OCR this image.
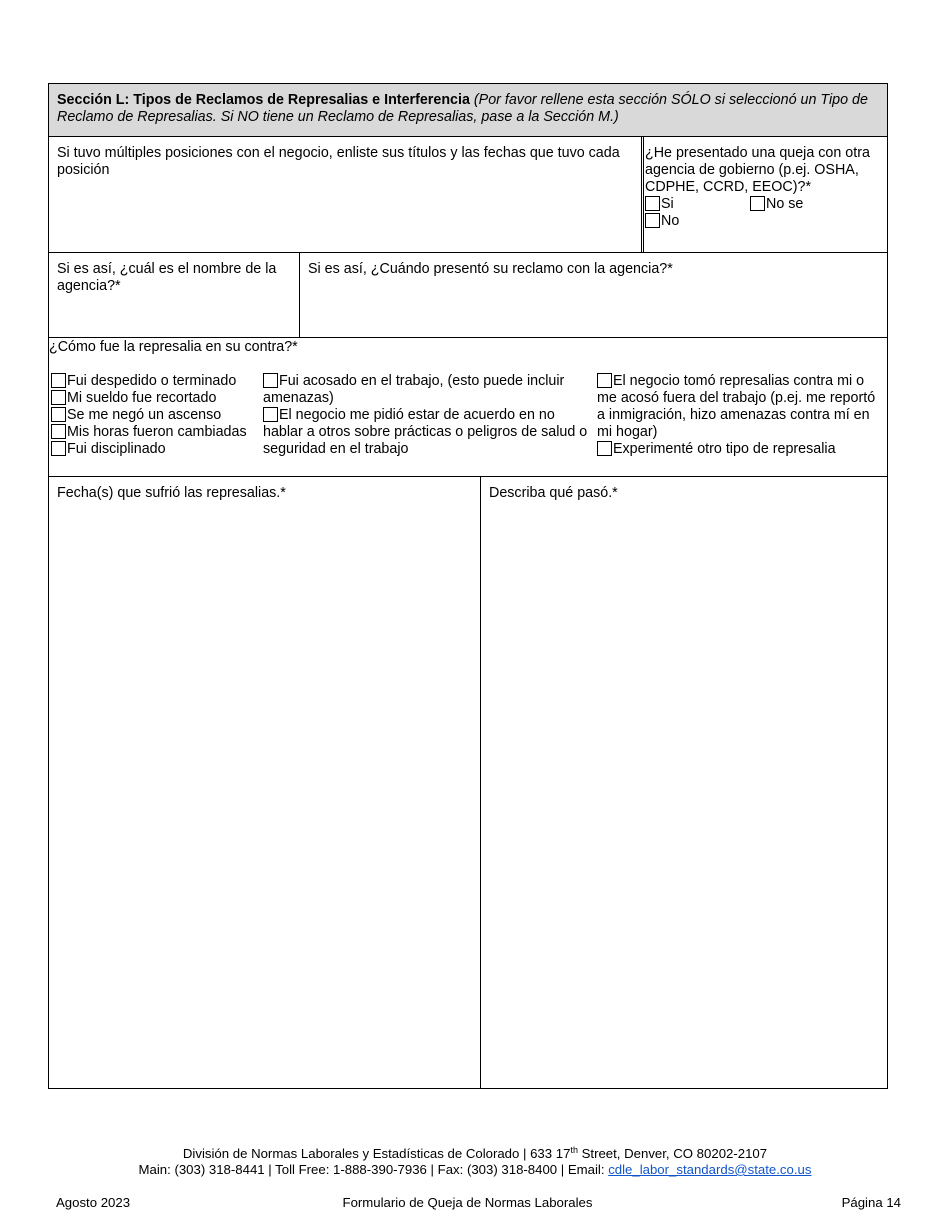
Sección L: Tipos de Reclamos de Represalias e Interferencia (Por favor rellene esta sección SÓLO si seleccionó un Tipo de Reclamo de Represalias. Si NO tiene un Reclamo de Represalias, pase a la Sección M.)
Si tuvo múltiples posiciones con el negocio, enliste sus títulos y las fechas que tuvo cada posición
¿He presentado una queja con otra agencia de gobierno (p.ej. OSHA, CDPHE, CCRD, EEOC)?*
Si	No se
No
Si es así, ¿cuál es el nombre de la agencia?*
Si es así, ¿Cuándo presentó su reclamo con la agencia?*
¿Cómo fue la represalia en su contra?*
Fui despedido o terminado
Mi sueldo fue recortado
Se me negó un ascenso
Mis horas fueron cambiadas
Fui disciplinado
Fui acosado en el trabajo, (esto puede incluir amenazas)
El negocio me pidió estar de acuerdo en no hablar a otros sobre prácticas o peligros de salud o seguridad en el trabajo
El negocio tomó represalias contra mi o me acosó fuera del trabajo (p.ej. me reportó a inmigración, hizo amenazas contra mí en mi hogar)
Experimenté otro tipo de represalia
Fecha(s) que sufrió las represalias.*	Describa qué pasó.*
División de Normas Laborales y Estadísticas de Colorado | 633 17th Street, Denver, CO 80202-2107
Main: (303) 318-8441 | Toll Free: 1-888-390-7936 | Fax: (303) 318-8400 | Email: cdle_labor_standards@state.co.us
Agosto 2023	Formulario de Queja de Normas Laborales	Página 14
